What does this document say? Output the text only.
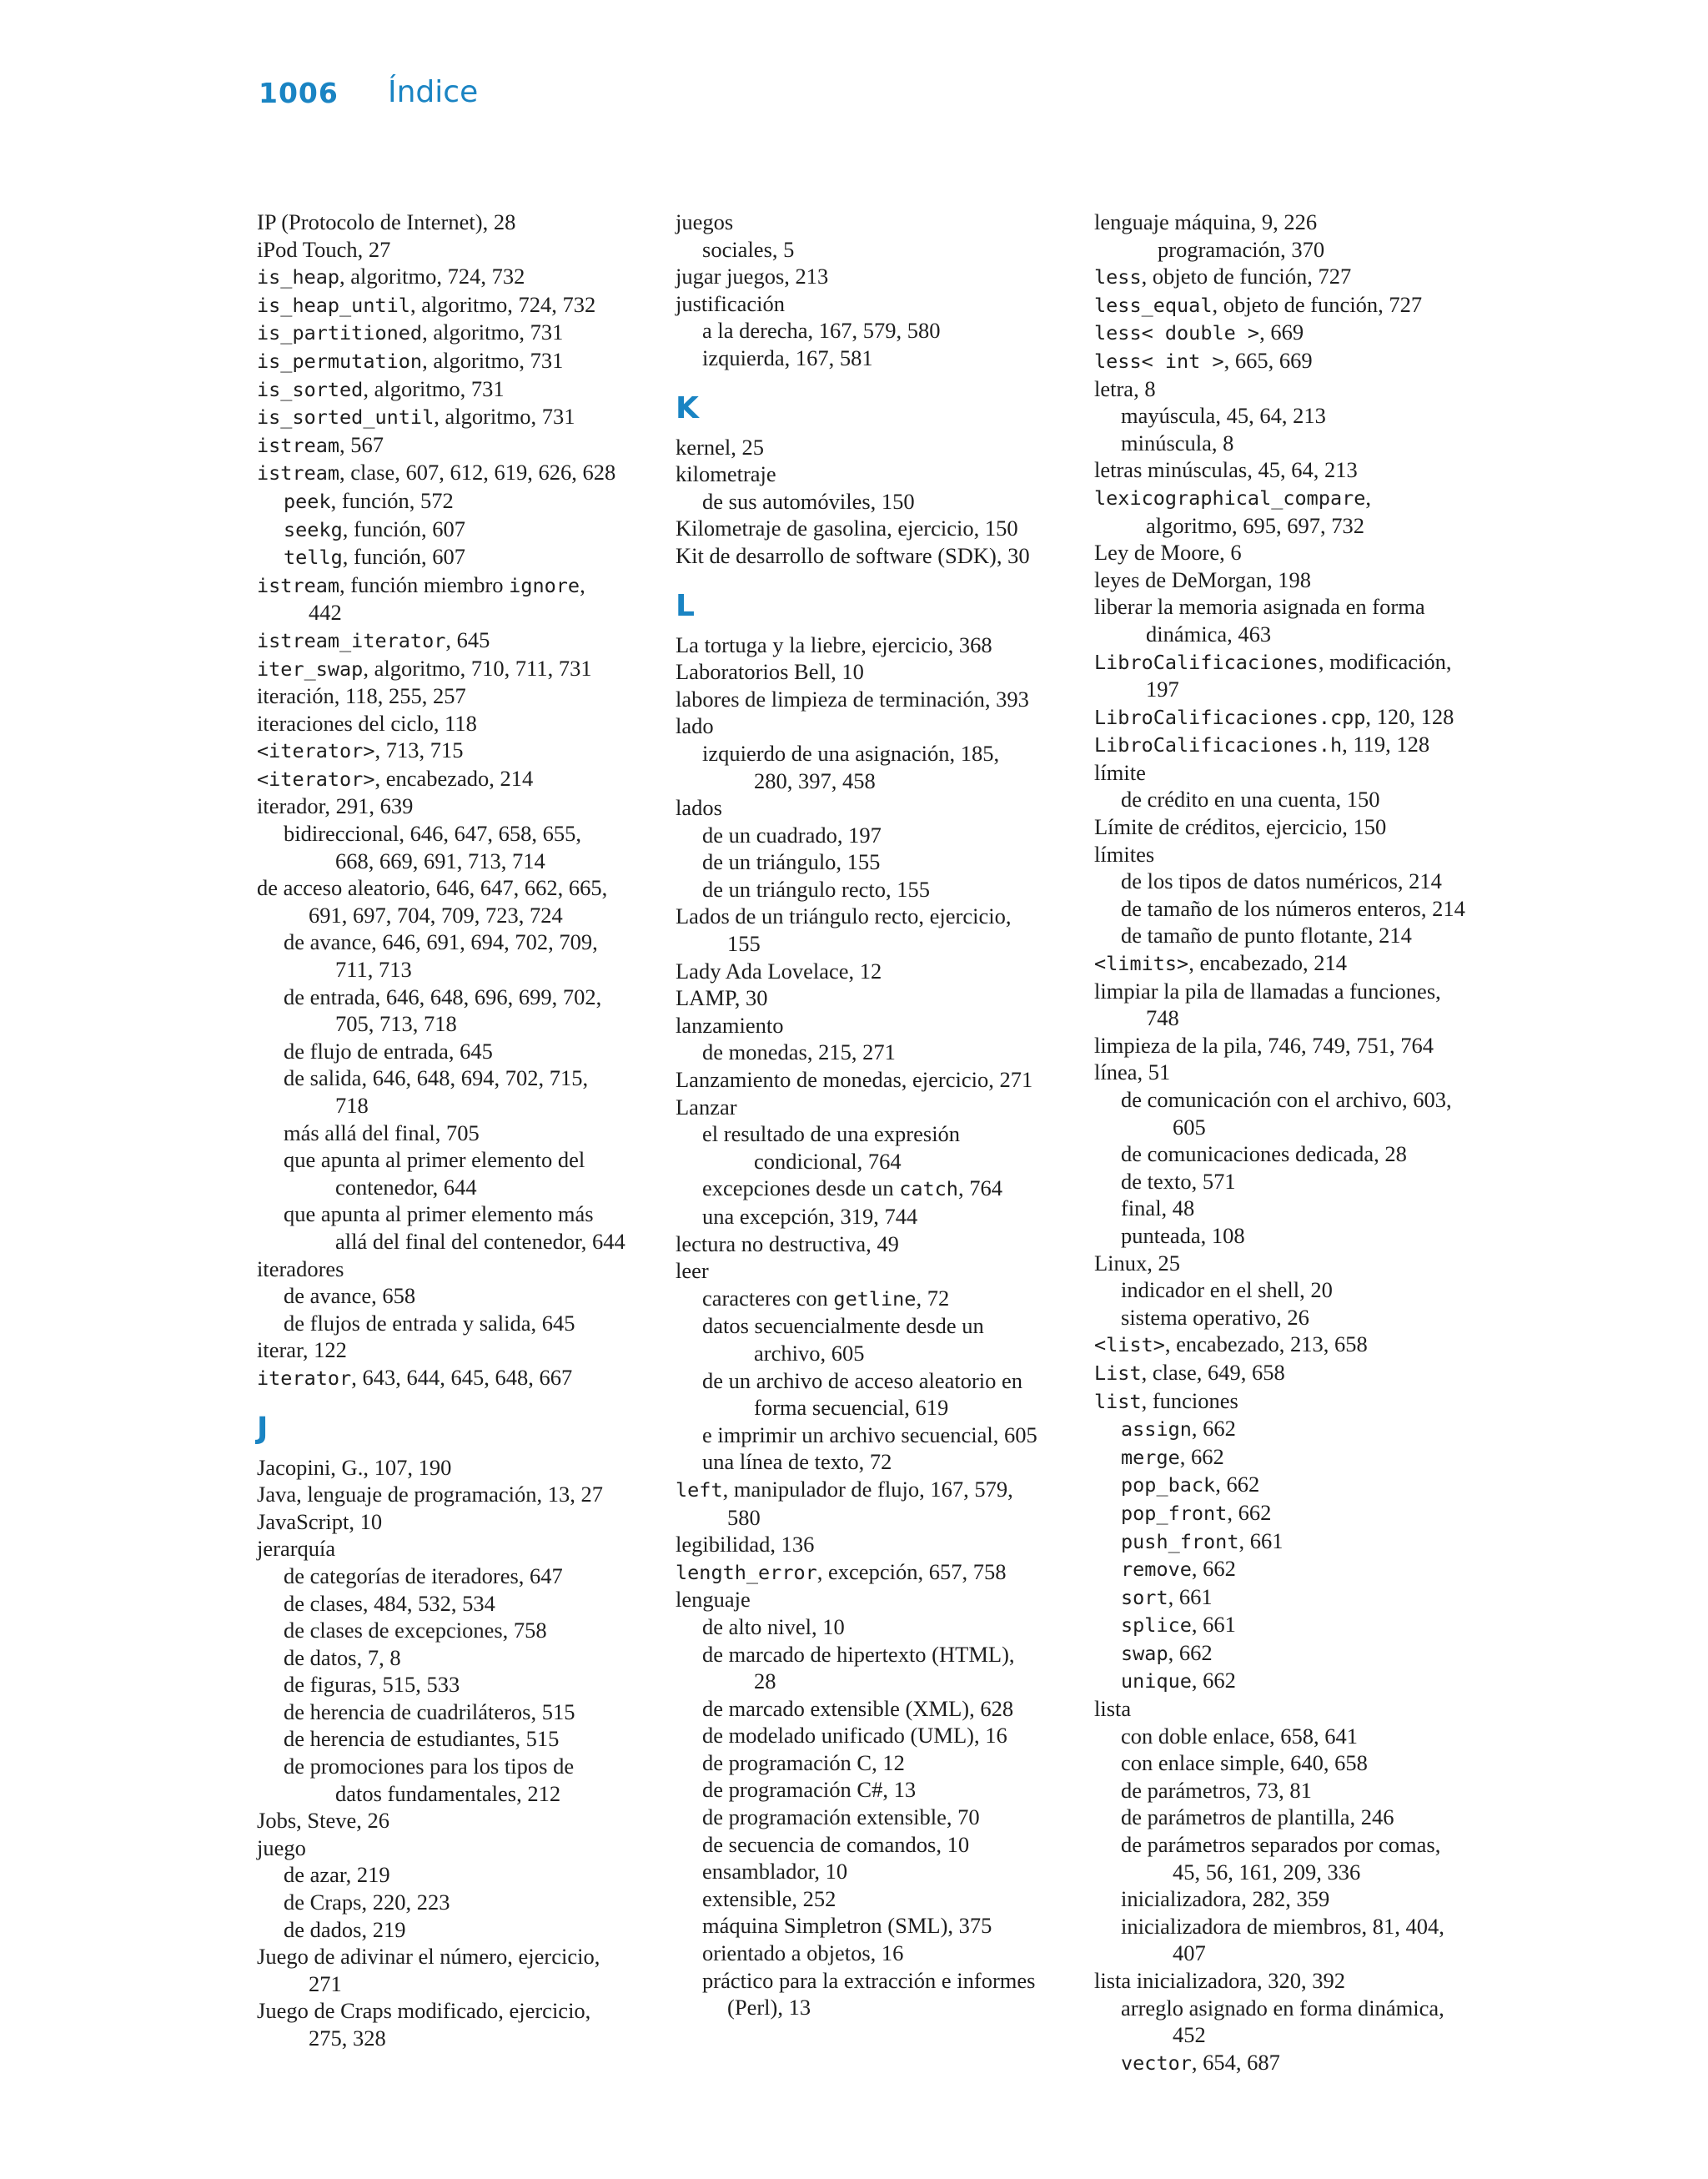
1006 Índice
IP (Protocolo de Internet), 28
iPod Touch, 27
is_heap, algoritmo, 724, 732
is_heap_until, algoritmo, 724, 732
is_partitioned, algoritmo, 731
is_permutation, algoritmo, 731
is_sorted, algoritmo, 731
is_sorted_until, algoritmo, 731
istream, 567
istream, clase, 607, 612, 619, 626, 628
peek, función, 572
seekg, función, 607
tellg, función, 607
istream, función miembro ignore,
442
istream_iterator, 645
iter_swap, algoritmo, 710, 711, 731
iteración, 118, 255, 257
iteraciones del ciclo, 118
<iterator>, 713, 715
<iterator>, encabezado, 214
iterador, 291, 639
bidireccional, 646, 647, 658, 655,
668, 669, 691, 713, 714
de acceso aleatorio, 646, 647, 662, 665,
691, 697, 704, 709, 723, 724
de avance, 646, 691, 694, 702, 709,
711, 713
de entrada, 646, 648, 696, 699, 702,
705, 713, 718
de flujo de entrada, 645
de salida, 646, 648, 694, 702, 715,
718
más allá del final, 705
que apunta al primer elemento del
contenedor, 644
que apunta al primer elemento más
allá del final del contenedor, 644
iteradores
de avance, 658
de flujos de entrada y salida, 645
iterar, 122
iterator, 643, 644, 645, 648, 667
J
Jacopini, G., 107, 190
Java, lenguaje de programación, 13, 27
JavaScript, 10
jerarquía
de categorías de iteradores, 647
de clases, 484, 532, 534
de clases de excepciones, 758
de datos, 7, 8
de figuras, 515, 533
de herencia de cuadriláteros, 515
de herencia de estudiantes, 515
de promociones para los tipos de
datos fundamentales, 212
Jobs, Steve, 26
juego
de azar, 219
de Craps, 220, 223
de dados, 219
Juego de adivinar el número, ejercicio,
271
Juego de Craps modificado, ejercicio,
275, 328
juegos
sociales, 5
jugar juegos, 213
justificación
a la derecha, 167, 579, 580
izquierda, 167, 581
K
kernel, 25
kilometraje
de sus automóviles, 150
Kilometraje de gasolina, ejercicio, 150
Kit de desarrollo de software (SDK), 30
L
La tortuga y la liebre, ejercicio, 368
Laboratorios Bell, 10
labores de limpieza de terminación, 393
lado
izquierdo de una asignación, 185,
280, 397, 458
lados
de un cuadrado, 197
de un triángulo, 155
de un triángulo recto, 155
Lados de un triángulo recto, ejercicio,
155
Lady Ada Lovelace, 12
LAMP, 30
lanzamiento
de monedas, 215, 271
Lanzamiento de monedas, ejercicio, 271
Lanzar
el resultado de una expresión
condicional, 764
excepciones desde un catch, 764
una excepción, 319, 744
lectura no destructiva, 49
leer
caracteres con getline, 72
datos secuencialmente desde un
archivo, 605
de un archivo de acceso aleatorio en
forma secuencial, 619
e imprimir un archivo secuencial, 605
una línea de texto, 72
left, manipulador de flujo, 167, 579,
580
legibilidad, 136
length_error, excepción, 657, 758
lenguaje
de alto nivel, 10
de marcado de hipertexto (HTML),
28
de marcado extensible (XML), 628
de modelado unificado (UML), 16
de programación C, 12
de programación C#, 13
de programación extensible, 70
de secuencia de comandos, 10
ensamblador, 10
extensible, 252
máquina Simpletron (SML), 375
orientado a objetos, 16
práctico para la extracción e informes
(Perl), 13
lenguaje máquina, 9, 226
programación, 370
less, objeto de función, 727
less_equal, objeto de función, 727
less< double >, 669
less< int >, 665, 669
letra, 8
mayúscula, 45, 64, 213
minúscula, 8
letras minúsculas, 45, 64, 213
lexicographical_compare,
algoritmo, 695, 697, 732
Ley de Moore, 6
leyes de DeMorgan, 198
liberar la memoria asignada en forma
dinámica, 463
LibroCalificaciones, modificación,
197
LibroCalificaciones.cpp, 120, 128
LibroCalificaciones.h, 119, 128
límite
de crédito en una cuenta, 150
Límite de créditos, ejercicio, 150
límites
de los tipos de datos numéricos, 214
de tamaño de los números enteros, 214
de tamaño de punto flotante, 214
<limits>, encabezado, 214
limpiar la pila de llamadas a funciones,
748
limpieza de la pila, 746, 749, 751, 764
línea, 51
de comunicación con el archivo, 603,
605
de comunicaciones dedicada, 28
de texto, 571
final, 48
punteada, 108
Linux, 25
indicador en el shell, 20
sistema operativo, 26
<list>, encabezado, 213, 658
List, clase, 649, 658
list, funciones
assign, 662
merge, 662
pop_back, 662
pop_front, 662
push_front, 661
remove, 662
sort, 661
splice, 661
swap, 662
unique, 662
lista
con doble enlace, 658, 641
con enlace simple, 640, 658
de parámetros, 73, 81
de parámetros de plantilla, 246
de parámetros separados por comas,
45, 56, 161, 209, 336
inicializadora, 282, 359
inicializadora de miembros, 81, 404,
407
lista inicializadora, 320, 392
arreglo asignado en forma dinámica,
452
vector, 654, 687
